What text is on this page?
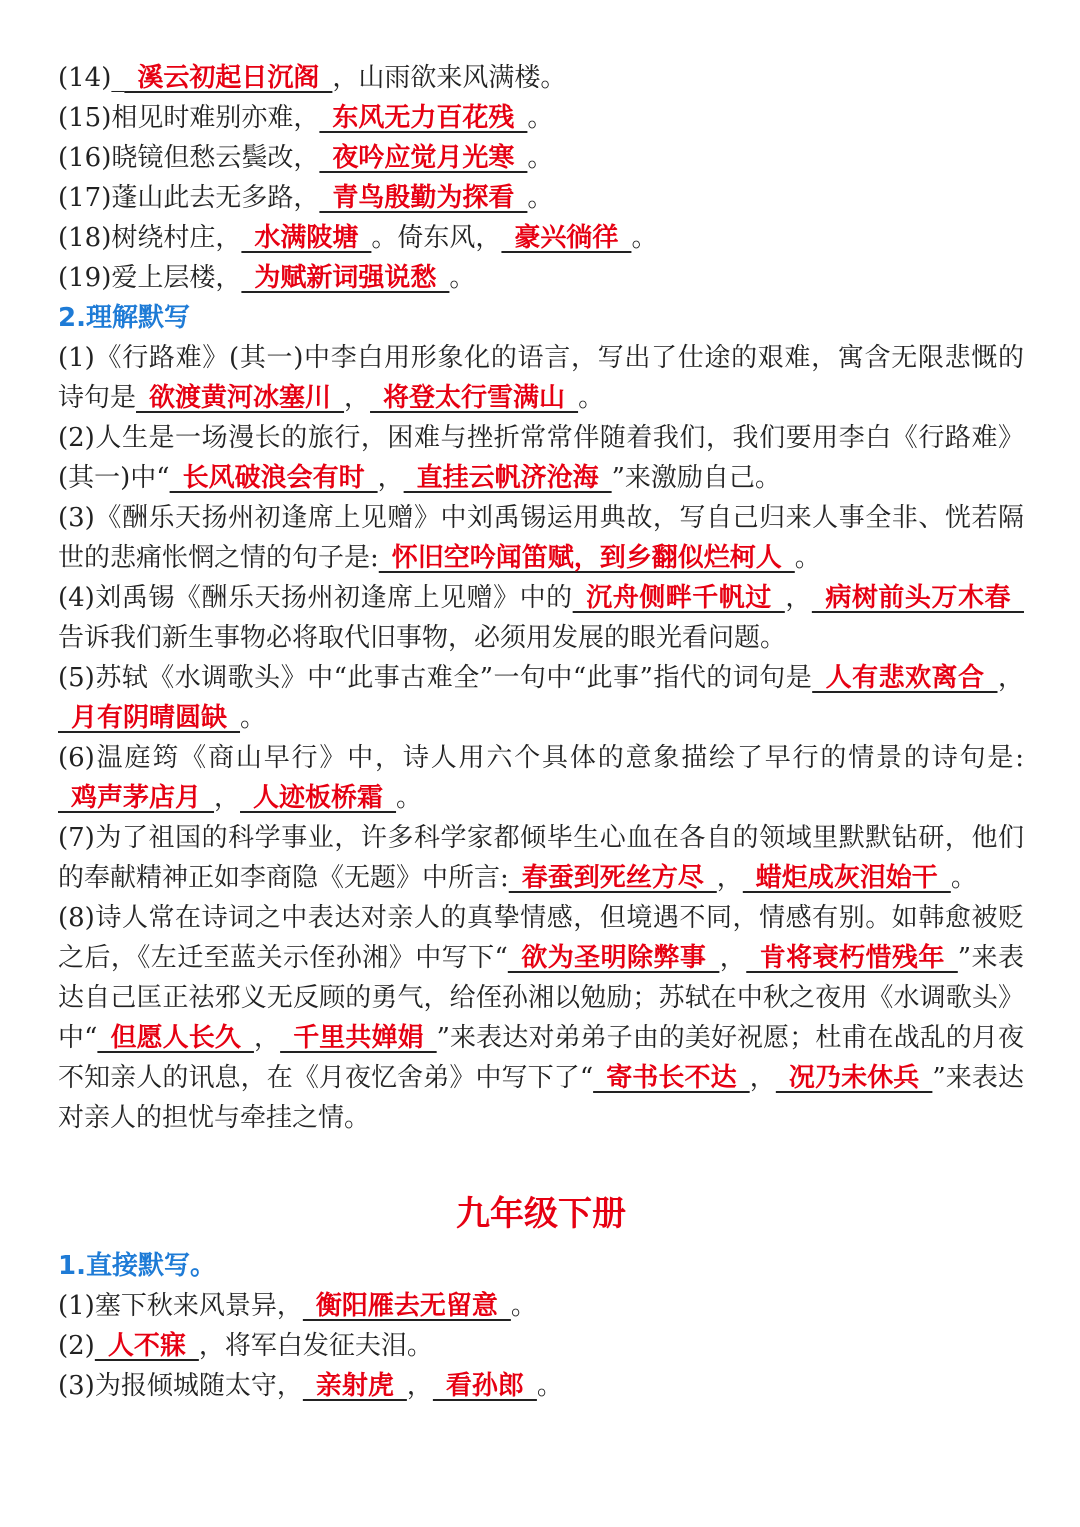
(14)_ 溪云初起日沉阁 ，山雨欲来风满楼。
(15)相见时难别亦难， 东风无力百花残 。
(16)晓镜但愁云鬓改， 夜吟应觉月光寒 。
(17)蓬山此去无多路， 青鸟殷勤为探看 。
(18)树绕村庄， 水满陂塘 。倚东风， 豪兴徜徉 。
(19)爱上层楼， 为赋新词强说愁 。
2.理解默写
(1)《行路难》(其一)中李白用形象化的语言，写出了仕途的艰难，寓含无限悲慨的诗句是 欲渡黄河冰塞川 ， 将登太行雪满山 。
(2)人生是一场漫长的旅行，困难与挫折常常伴随着我们，我们要用李白《行路难》(其一)中“ 长风破浪会有时 ， 直挂云帆济沧海 ”来激励自己。
(3)《酬乐天扬州初逢席上见赠》中刘禹锡运用典故，写自己归来人事全非、恍若隔世的悲痛怅惘之情的句子是: 怀旧空吟闻笛赋，到乡翻似烂柯人 。
(4)刘禹锡《酬乐天扬州初逢席上见赠》中的 沉舟侧畔千帆过 ， 病树前头万木春 告诉我们新生事物必将取代旧事物，必须用发展的眼光看问题。
(5)苏轼《水调歌头》中“此事古难全”一句中“此事”指代的词句是 人有悲欢离合 ， 月有阴晴圆缺 。
(6)温庭筠《商山早行》中，诗人用六个具体的意象描绘了早行的情景的诗句是: 鸡声茅店月 ， 人迹板桥霜 。
(7)为了祖国的科学事业，许多科学家都倾毕生心血在各自的领域里默默钻研，他们的奉献精神正如李商隐《无题》中所言: 春蚕到死丝方尽 ， 蜡炬成灰泪始干 。
(8)诗人常在诗词之中表达对亲人的真挚情感，但境遇不同，情感有别。如韩愈被贬之后，《左迁至蓝关示侄孙湘》中写下“ 欲为圣明除弊事 ， 肯将衰朽惜残年 ”来表达自己匡正祛邪义无反顾的勇气，给侄孙湘以勉励；苏轼在中秋之夜用《水调歌头》中“ 但愿人长久 ， 千里共婵娟 ”来表达对弟弟子由的美好祝愿；杜甫在战乱的月夜不知亲人的讯息，在《月夜忆舍弟》中写下了“ 寄书长不达 ， 况乃未休兵 ”来表达对亲人的担忧与牵挂之情。
九年级下册
1.直接默写。
(1)塞下秋来风景异， 衡阳雁去无留意 。
(2) 人不寐 ，将军白发征夫泪。
(3)为报倾城随太守， 亲射虎 ， 看孙郎 。
